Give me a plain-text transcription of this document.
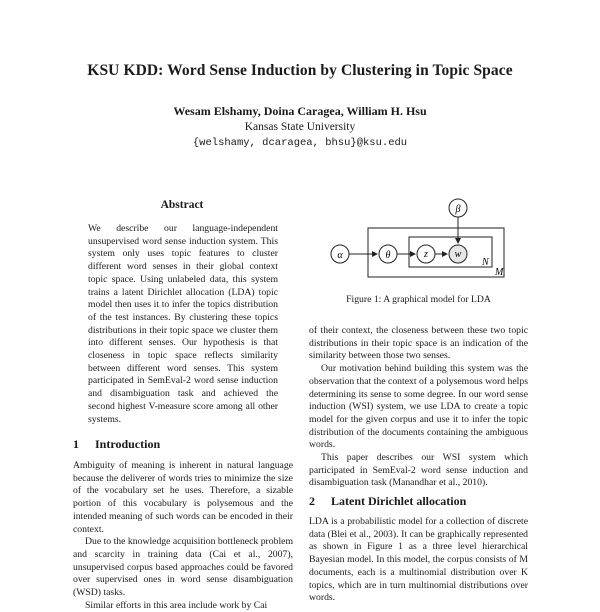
KSU KDD: Word Sense Induction by Clustering in Topic Space
Wesam Elshamy, Doina Caragea, William H. Hsu
Kansas State University
{welshamy, dcaragea, bhsu}@ksu.edu
Abstract

We describe our language-independent unsupervised word sense induction system. This system only uses topic features to cluster different word senses in their global context topic space. Using unlabeled data, this system trains a latent Dirichlet allocation (LDA) topic model then uses it to infer the topics distribution of the test instances. By clustering these topics distributions in their topic space we cluster them into different senses. Our hypothesis is that closeness in topic space reflects similarity between different word senses. This system participated in SemEval-2 word sense induction and disambiguation task and achieved the second highest V-measure score among all other systems.

1 Introduction

Ambiguity of meaning is inherent in natural language because the deliverer of words tries to minimize the size of the vocabulary set he uses. Therefore, a sizable portion of this vocabulary is polysemous and the intended meaning of such words can be encoded in their context.

Due to the knowledge acquisition bottleneck problem and scarcity in training data (Cai et al., 2007), unsupervised corpus based approaches could be favored over supervised ones in word sense disambiguation (WSD) tasks.

Similar efforts in this area include work by Cai

M
N
α	θ	z	w
β
Figure 1: A graphical model for LDA

of their context, the closeness between these two topic distributions in their topic space is an indication of the similarity between those two senses.

Our motivation behind building this system was the observation that the context of a polysemous word helps determining its sense to some degree. In our word sense induction (WSI) system, we use LDA to create a topic model for the given corpus and use it to infer the topic distribution of the documents containing the ambiguous words.

This paper describes our WSI system which participated in SemEval-2 word sense induction and disambiguation task (Manandhar et al., 2010).

2 Latent Dirichlet allocation

LDA is a probabilistic model for a collection of discrete data (Blei et al., 2003). It can be graphically represented as shown in Figure 1 as a three level hierarchical Bayesian model. In this model, the corpus consists of M documents, each is a multinomial distribution over K topics, which are in turn multinomial distributions over words.
